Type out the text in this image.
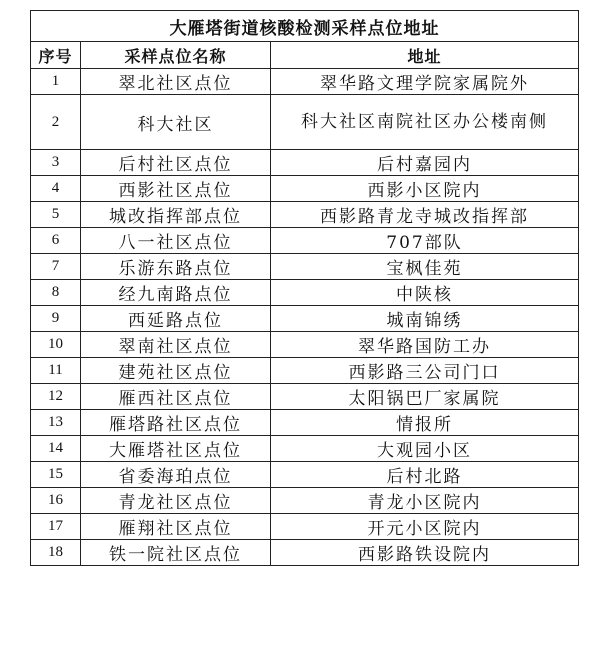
大雁塔街道核酸检测采样点位地址		
序号	采样点位名称	地址
1	翠北社区点位	翠华路文理学院家属院外
2	科大社区	科大社区南院社区办公楼南侧
3	后村社区点位	后村嘉园内
4	西影社区点位	西影小区院内
5	城改指挥部点位	西影路青龙寺城改指挥部
6	八一社区点位	707部队
7	乐游东路点位	宝枫佳苑
8	经九南路点位	中陕核
9	西延路点位	城南锦绣
10	翠南社区点位	翠华路国防工办
11	建苑社区点位	西影路三公司门口
12	雁西社区点位	太阳锅巴厂家属院
13	雁塔路社区点位	情报所
14	大雁塔社区点位	大观园小区
15	省委海珀点位	后村北路
16	青龙社区点位	青龙小区院内
17	雁翔社区点位	开元小区院内
18	铁一院社区点位	西影路铁设院内
